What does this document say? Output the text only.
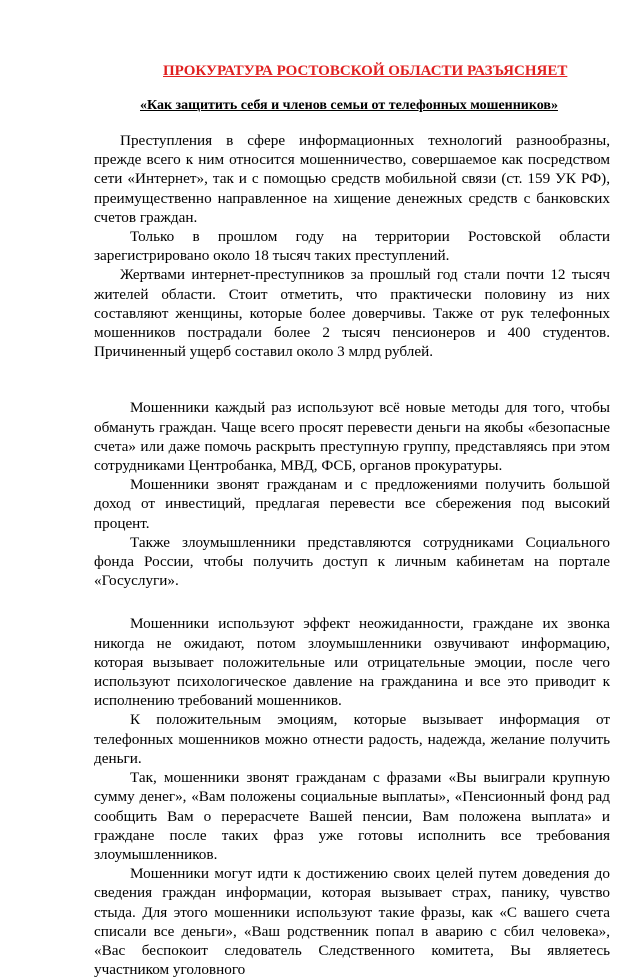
ПРОКУРАТУРА РОСТОВСКОЙ ОБЛАСТИ РАЗЪЯСНЯЕТ
«Как защитить себя и членов семьи от телефонных мошенников»

Преступления в сфере информационных технологий разнообразны, прежде всего к ним относится мошенничество, совершаемое как посредством сети «Интернет», так и с помощью средств мобильной связи (ст. 159 УК РФ), преимущественно направленное на хищение денежных средств с банковских счетов граждан.

Только в прошлом году на территории Ростовской области зарегистрировано около 18 тысяч таких преступлений.

Жертвами интернет-преступников за прошлый год стали почти 12 тысяч жителей области. Стоит отметить, что практически половину из них составляют женщины, которые более доверчивы. Также от рук телефонных мошенников пострадали более 2 тысяч пенсионеров и 400 студентов. Причиненный ущерб составил около 3 млрд рублей.

Мошенники каждый раз используют всё новые методы для того, чтобы обмануть граждан. Чаще всего просят перевести деньги на якобы «безопасные счета» или даже помочь раскрыть преступную группу, представляясь при этом сотрудниками Центробанка, МВД, ФСБ, органов прокуратуры.

Мошенники звонят гражданам и с предложениями получить большой доход от инвестиций, предлагая перевести все сбережения под высокий процент.

Также злоумышленники представляются сотрудниками Социального фонда России, чтобы получить доступ к личным кабинетам на портале «Госуслуги».

Мошенники используют эффект неожиданности, граждане их звонка никогда не ожидают, потом злоумышленники озвучивают информацию, которая вызывает положительные или отрицательные эмоции, после чего используют психологическое давление на гражданина и все это приводит к исполнению требований мошенников.

К положительным эмоциям, которые вызывает информация от телефонных мошенников можно отнести радость, надежда, желание получить деньги.

Так, мошенники звонят гражданам с фразами «Вы выиграли крупную сумму денег», «Вам положены социальные выплаты», «Пенсионный фонд рад сообщить Вам о перерасчете Вашей пенсии, Вам положена выплата» и граждане после таких фраз уже готовы исполнить все требования злоумышленников.

Мошенники могут идти к достижению своих целей путем доведения до сведения граждан информации, которая вызывает страх, панику, чувство стыда. Для этого мошенники используют такие фразы, как «С вашего счета списали все деньги», «Ваш родственник попал в аварию с сбил человека», «Вас беспокоит следователь Следственного комитета, Вы являетесь участником уголовного
